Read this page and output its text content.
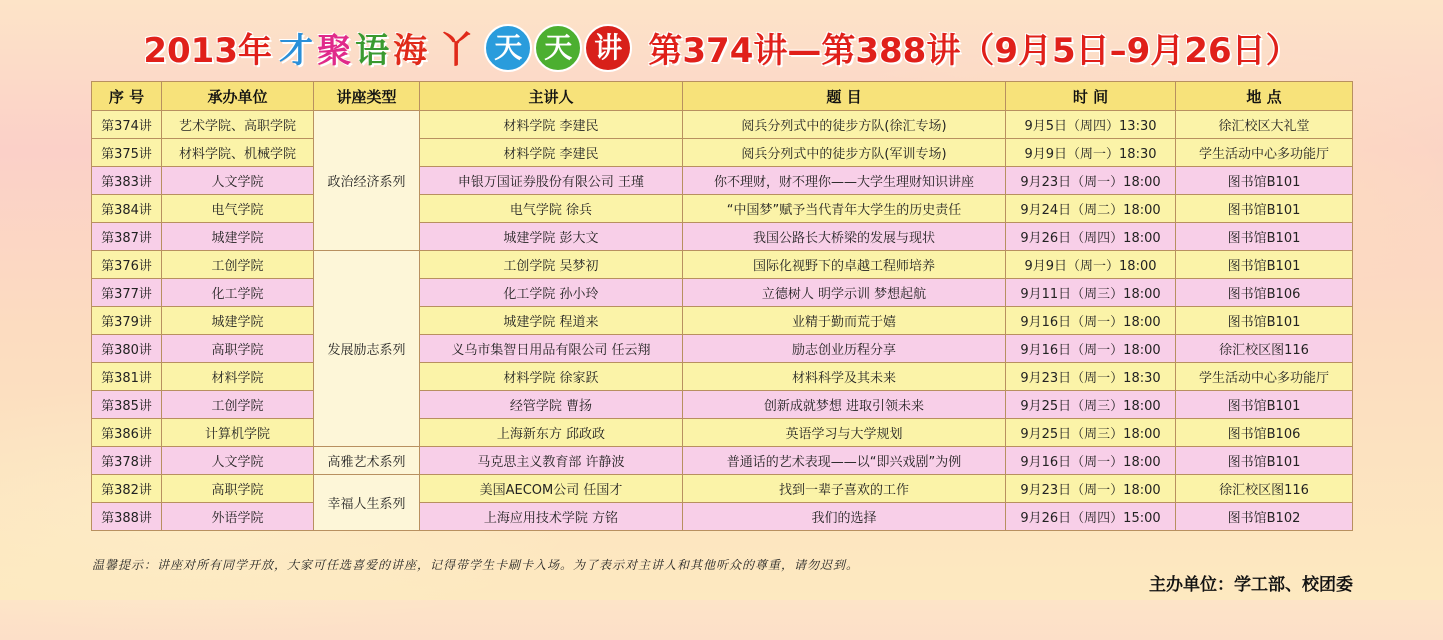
2013年 才 聚 语 海 丫 天 天 讲 第374讲—第388讲（9月5日–9月26日）
序 号	承办单位	讲座类型	主讲人	题 目	时 间	地 点
第374讲	艺术学院、高职学院	政治经济系列	材料学院 李建民	阅兵分列式中的徒步方队(徐汇专场)	9月5日（周四）13:30	徐汇校区大礼堂
第375讲	材料学院、机械学院		材料学院 李建民	阅兵分列式中的徒步方队(军训专场)	9月9日（周一）18:30	学生活动中心多功能厅
第383讲	人文学院		申银万国证券股份有限公司 王瑾	你不理财，财不理你——大学生理财知识讲座	9月23日（周一）18:00	图书馆B101
第384讲	电气学院		电气学院 徐兵	“中国梦”赋予当代青年大学生的历史责任	9月24日（周二）18:00	图书馆B101
第387讲	城建学院		城建学院 彭大文	我国公路长大桥梁的发展与现状	9月26日（周四）18:00	图书馆B101
第376讲	工创学院	发展励志系列	工创学院 吴梦初	国际化视野下的卓越工程师培养	9月9日（周一）18:00	图书馆B101
第377讲	化工学院		化工学院 孙小玲	立德树人 明学示训 梦想起航	9月11日（周三）18:00	图书馆B106
第379讲	城建学院		城建学院 程道来	业精于勤而荒于嬉	9月16日（周一）18:00	图书馆B101
第380讲	高职学院		义乌市集智日用品有限公司 任云翔	励志创业历程分享	9月16日（周一）18:00	徐汇校区图116
第381讲	材料学院		材料学院 徐家跃	材料科学及其未来	9月23日（周一）18:30	学生活动中心多功能厅
第385讲	工创学院		经管学院 曹扬	创新成就梦想 进取引领未来	9月25日（周三）18:00	图书馆B101
第386讲	计算机学院		上海新东方 邱政政	英语学习与大学规划	9月25日（周三）18:00	图书馆B106
第378讲	人文学院	高雅艺术系列	马克思主义教育部 许静波	普通话的艺术表现——以“即兴戏剧”为例	9月16日（周一）18:00	图书馆B101
第382讲	高职学院	幸福人生系列	美国AECOM公司 任国才	找到一辈子喜欢的工作	9月23日（周一）18:00	徐汇校区图116
第388讲	外语学院		上海应用技术学院 方铭	我们的选择	9月26日（周四）15:00	图书馆B102
温馨提示：讲座对所有同学开放，大家可任选喜爱的讲座，记得带学生卡刷卡入场。为了表示对主讲人和其他听众的尊重，请勿迟到。
主办单位：学工部、校团委
